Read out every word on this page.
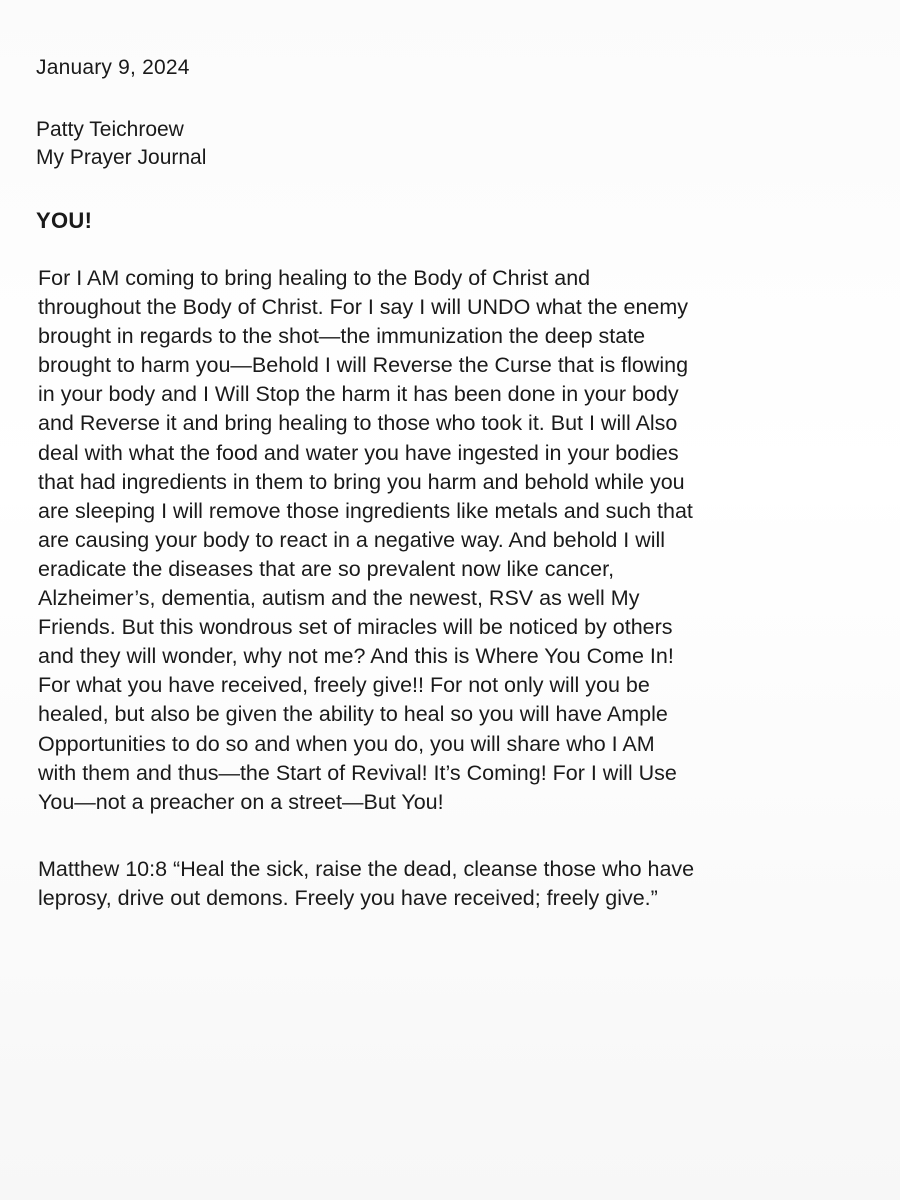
January 9, 2024
Patty Teichroew
My Prayer Journal
YOU!
For I AM coming to bring healing to the Body of Christ and
throughout the Body of Christ. For I say I will UNDO what the enemy
brought in regards to the shot—the immunization the deep state
brought to harm you—Behold I will Reverse the Curse that is flowing
in your body and I Will Stop the harm it has been done in your body
and Reverse it and bring healing to those who took it. But I will Also
deal with what the food and water you have ingested in your bodies
that had ingredients in them to bring you harm and behold while you
are sleeping I will remove those ingredients like metals and such that
are causing your body to react in a negative way. And behold I will
eradicate the diseases that are so prevalent now like cancer,
Alzheimer’s, dementia, autism and the newest, RSV as well My
Friends. But this wondrous set of miracles will be noticed by others
and they will wonder, why not me? And this is Where You Come In!
For what you have received, freely give!! For not only will you be
healed, but also be given the ability to heal so you will have Ample
Opportunities to do so and when you do, you will share who I AM
with them and thus—the Start of Revival! It’s Coming! For I will Use
You—not a preacher on a street—But You!
Matthew 10:8 “Heal the sick, raise the dead, cleanse those who have
leprosy, drive out demons. Freely you have received; freely give.”
